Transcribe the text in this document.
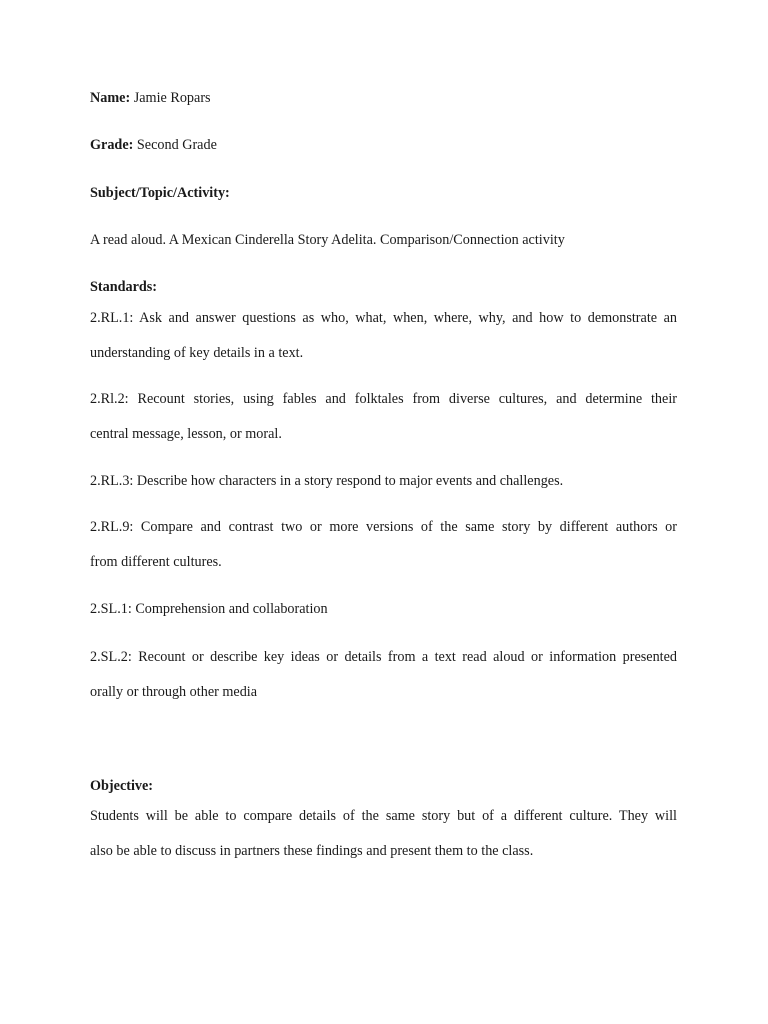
Name: Jamie Ropars
Grade: Second Grade
Subject/Topic/Activity:
A read aloud. A Mexican Cinderella Story Adelita. Comparison/Connection activity
Standards:
2.RL.1: Ask and answer questions as who, what, when, where, why, and how to demonstrate an
understanding of key details in a text.
2.Rl.2: Recount stories, using fables and folktales from diverse cultures, and determine their
central message, lesson, or moral.
2.RL.3: Describe how characters in a story respond to major events and challenges.
2.RL.9: Compare and contrast two or more versions of the same story by different authors or
from different cultures.
2.SL.1: Comprehension and collaboration
2.SL.2: Recount or describe key ideas or details from a text read aloud or information presented
orally or through other media
Objective:
Students will be able to compare details of the same story but of a different culture. They will
also be able to discuss in partners these findings and present them to the class.
